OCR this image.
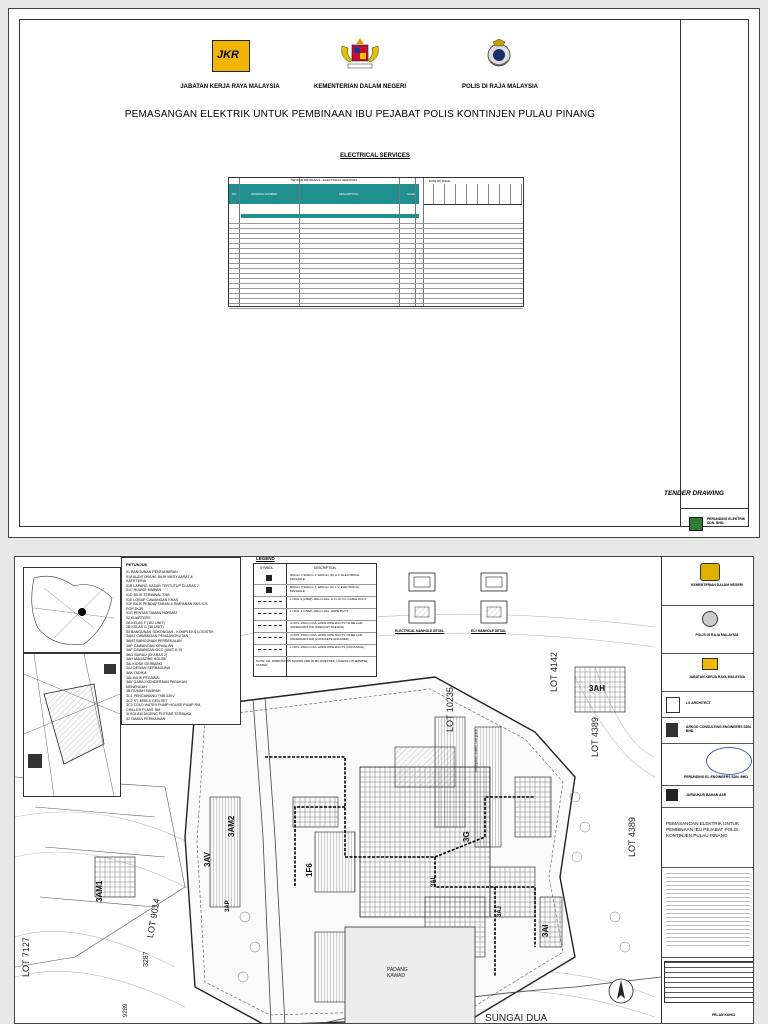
JKR
JABATAN KERJA RAYA MALAYSIA	KEMENTERIAN DALAM NEGERI	POLIS DI RAJA MALAYSIA
PEMASANGAN ELEKTRIK UNTUK PEMBINAAN IBU PEJABAT POLIS KONTINJEN PULAU PINANG
ELECTRICAL SERVICES
TENDER DRAWINGS - ELECTRICAL SERVICES
NO	DRAWING NUMBER	DESCRIPTION	SCALE
DATE OF ISSUE
TENDER DRAWING
PERUNDING ELEKTRIK SDN. BHD.
LOT 10235
LOT 4142
LOT 4389
LOT 4389
LOT 9014
LOT 7127	3287
9289
reception traffic car park
SUNGAI DUA
PADANG KAWAD
3AM1
3AM2
3AV
3AP
1F6
3G
3AI
3AJ
3AH
3AL
PETUNJUK
01 BANGUNAN PENTADBIRAN
01A AUDITORIUM, BILIK MESYUARAT &
KAFETERIA
01B LAPANG SASAR TERTUTUP DI ARAS 2
01C RUANG SIMPAN
01D BILIK TERMINAL TNB
01E LORAP CAWANGAN KHAS
01F BILIK PENDAFTARAN & SIMPANAN BKS ICS
POP JKJR
01G PENTAS TAMAN HORMAT
02 KUARTERS
2A KELAS F (102 UNIT)
2B KELAS G (36 UNIT)
03 BANGUNAN SOKONGAN - KOMPLEKS LOGISTIK
3AM1 CAWANGAN PENGANGKUTAN
3AM2 BANGUNAN PERBEKALAN
3AP CAWANGAN KEWALAN
3AF CAWANGAN OCC (UNIT K-9)
3AG SURAU (DI ARAS 2)
3AH MAGAZINE HOUSE
3AI KIOSK GERBANG
3AJ DEWAN SERBAGUNA
3AK TADIKA
3AL BILIK PEGAWAI
3AV GARAJ KENDERAAN PASUKAN
MENENGAH
3B RUMAH SAMPAH
3C1 PENCAWANG TNB 33KV
3C2 ST. MSB & GEN SET
3C3 COLD WATER PUMP HOUSE PUMP RM,
CHILLER PLANT RM
3I KOLAM DIGENG PUTRAS TERBUKA
3J TAMAN PERMAINAN
LEGEND
SYMBOL	DESCRIPTION
900mm X 900mm X 1200mm (D) H.V. ELECTRICAL MANHOLE
900mm X 900mm X 1200mm (D) L.V. ELECTRICAL MANHOLE
1 NOS. 9 (200Ø) 160mm DIA. H.V.U.P.V.C CABLE DUCT
1 NOS. 4 (150Ø) 160mm DIA. HDPE DUCT
4 NOS. 150mm DIA. HDPE PIPE DUCTS TO BE LAID UNDERGROUND (PRECAST TRENCH)
4 NOS. 150mm DIA. HDPE PIPE DUCTS TO BE LAID UNDERGROUND (CONCRETE ENCASED)
1 NOS. 150mm DIA. HDPE PIPE DUCTS (CROSSING)
NOTE: ALL DIMENSIONS SHOWN ARE IN MILLIMETRES, UNLESS OTHERWISE STATED
ELECTRICAL MANHOLE DETAIL	ELV MANHOLE DETAIL
KEMENTERIAN DALAM NEGERI
POLIS DI RAJA MALAYSIA
JABATAN KERJA RAYA MALAYSIA
LS ARCHITECT
ARKOD CONSULTING ENGINEERS SDN. BHD.
PERUNDING EL ENGINEERS SDN. BHD.
JURUUKUR BAHAN ASR
PEMASANGAN ELEKTRIK UNTUK PEMBINAAN IBU PEJABAT POLIS KONTINJEN PULAU PINANG
PELAN KUNCI
